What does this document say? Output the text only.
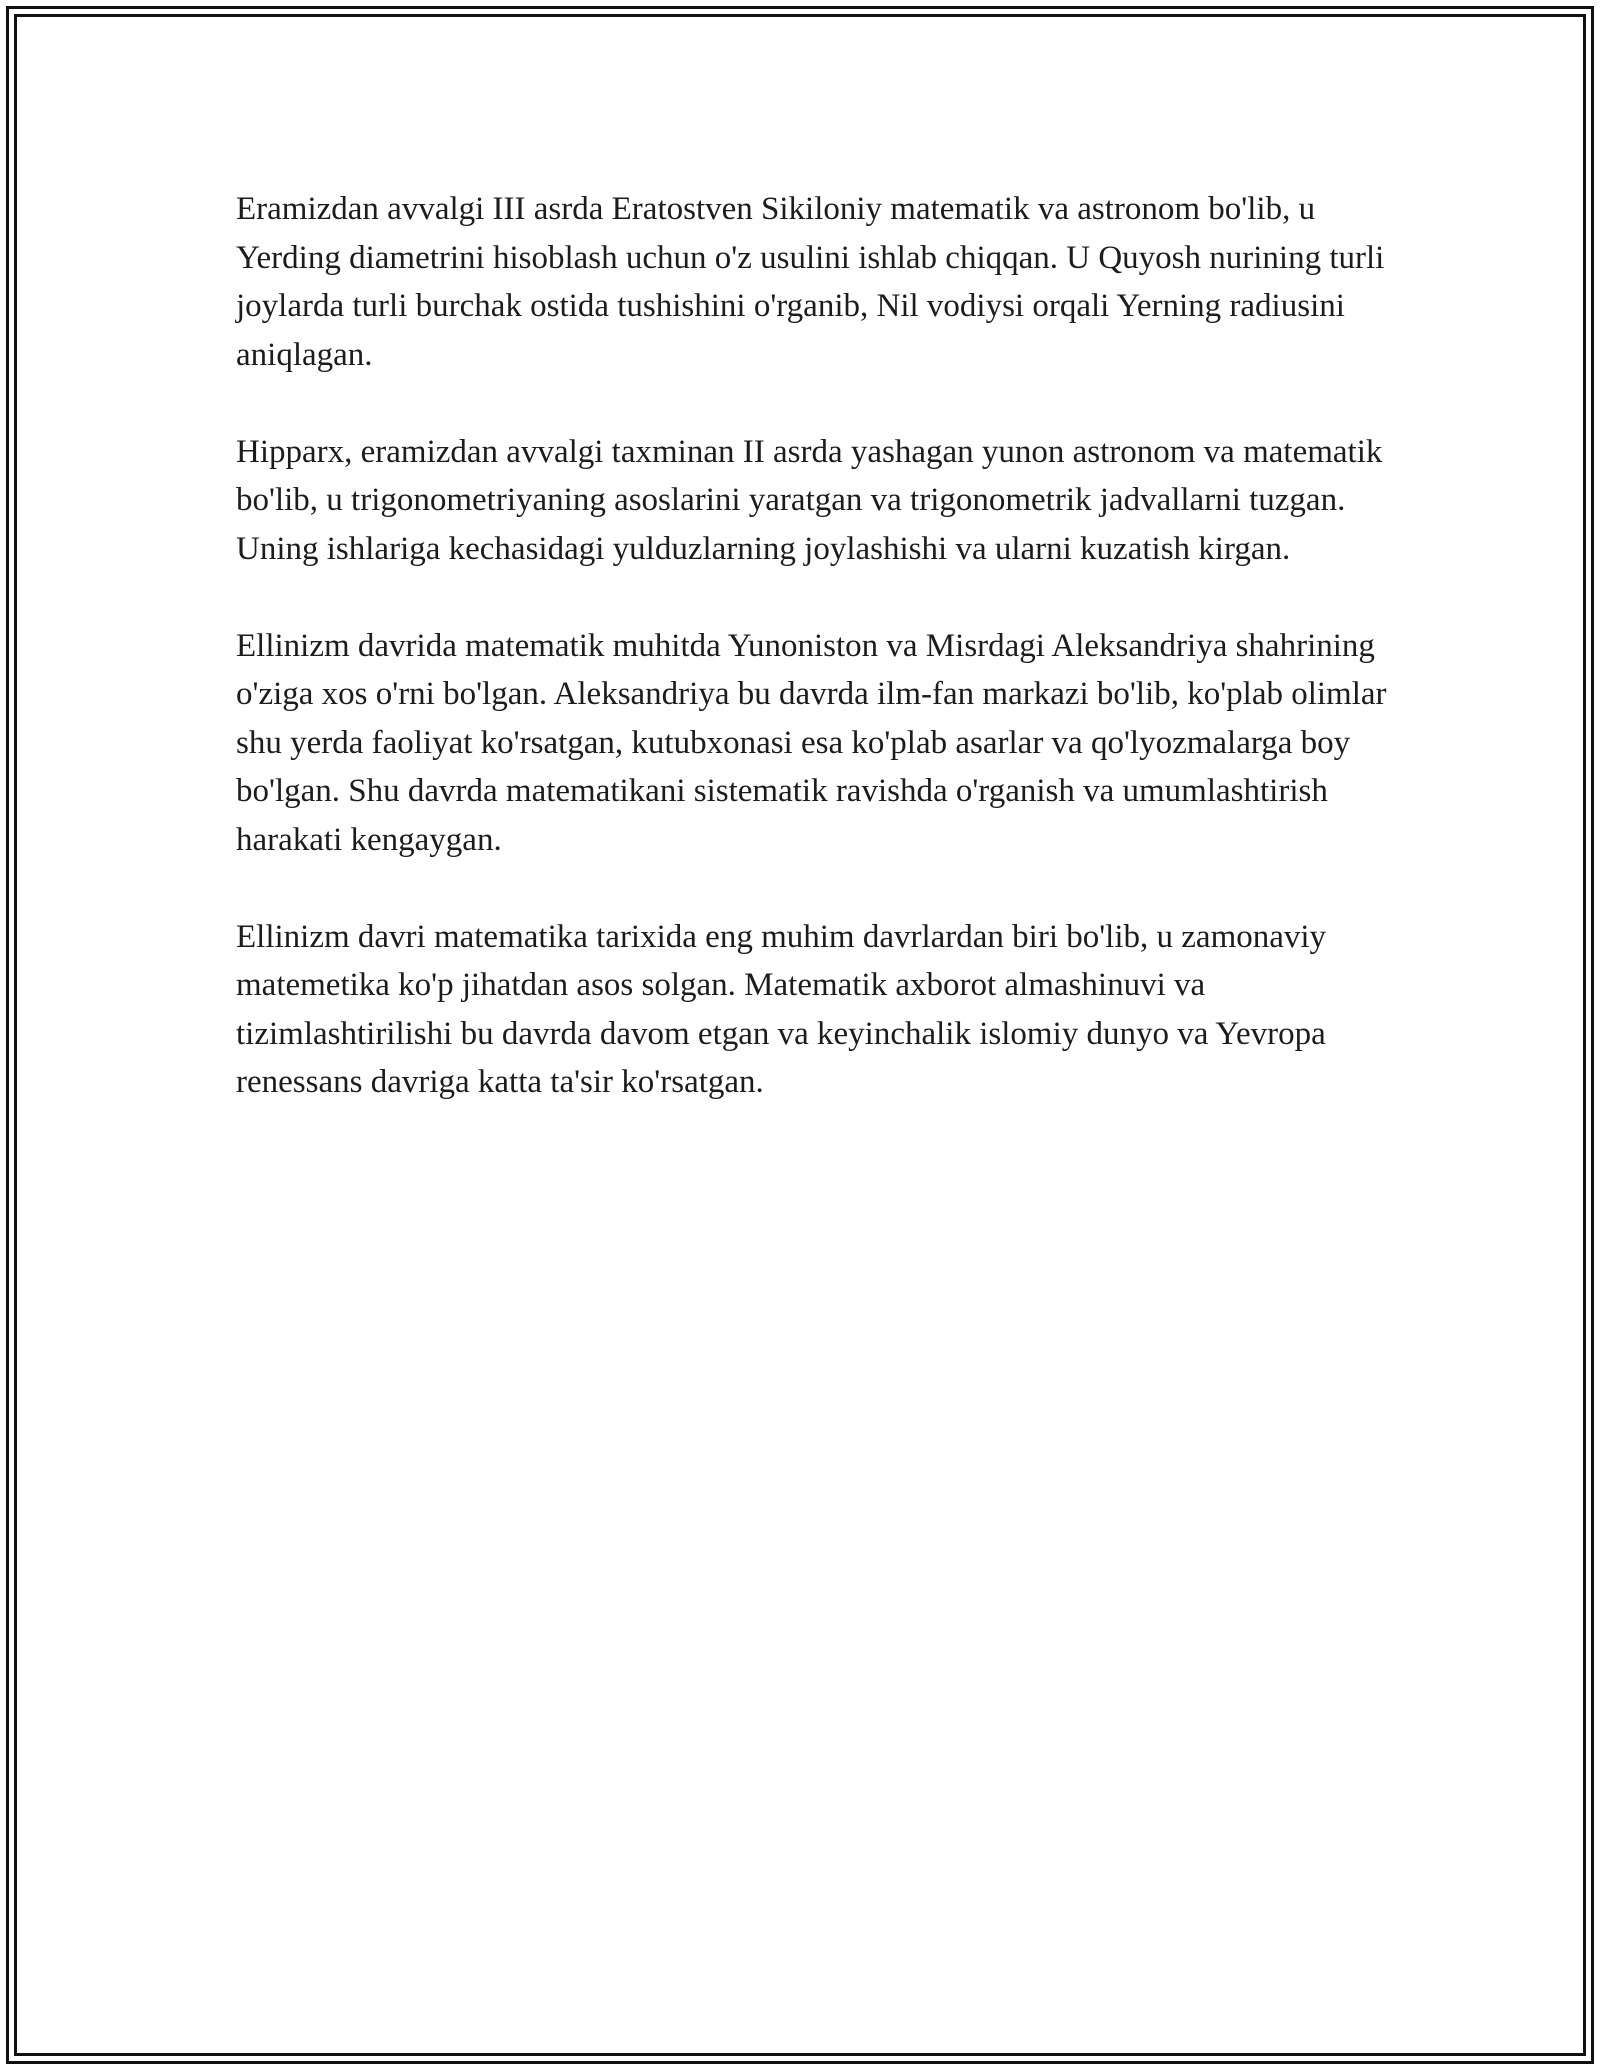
Eramizdan avvalgi III asrda Eratostven Sikiloniy matematik va astronom bo'lib, u Yerding diametrini hisoblash uchun o'z usulini ishlab chiqqan. U Quyosh nurining turli joylarda turli burchak ostida tushishini o'rganib, Nil vodiysi orqali Yerning radiusini aniqlagan.

Hipparx, eramizdan avvalgi taxminan II asrda yashagan yunon astronom va matematik bo'lib, u trigonometriyaning asoslarini yaratgan va trigonometrik jadvallarni tuzgan. Uning ishlariga kechasidagi yulduzlarning joylashishi va ularni kuzatish kirgan.

Ellinizm davrida matematik muhitda Yunoniston va Misrdagi Aleksandriya shahrining o'ziga xos o'rni bo'lgan. Aleksandriya bu davrda ilm-fan markazi bo'lib, ko'plab olimlar shu yerda faoliyat ko'rsatgan, kutubxonasi esa ko'plab asarlar va qo'lyozmalarga boy bo'lgan. Shu davrda matematikani sistematik ravishda o'rganish va umumlashtirish harakati kengaygan.

Ellinizm davri matematika tarixida eng muhim davrlardan biri bo'lib, u zamonaviy matemetika ko'p jihatdan asos solgan. Matematik axborot almashinuvi va tizimlashtirilishi bu davrda davom etgan va keyinchalik islomiy dunyo va Yevropa renessans davriga katta ta'sir ko'rsatgan.
